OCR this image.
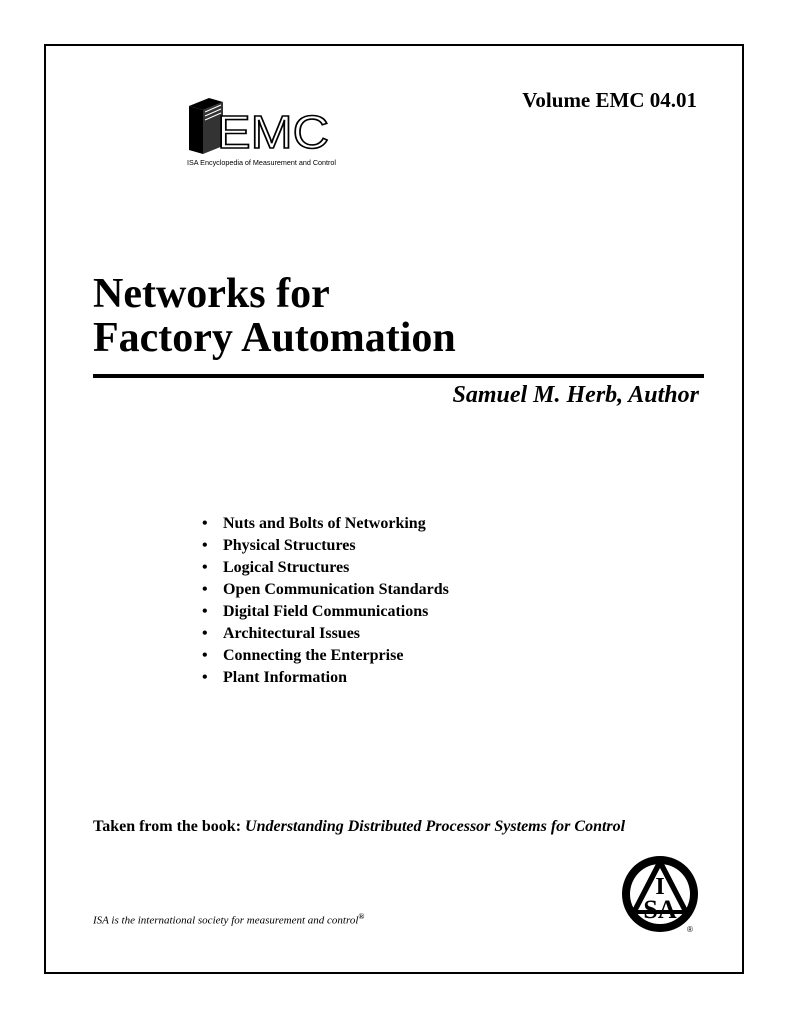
Volume EMC 04.01
EMC
ISA Encyclopedia of Measurement and Control
Networks for
Factory Automation
Samuel M. Herb, Author
• Nuts and Bolts of Networking
• Physical Structures
• Logical Structures
• Open Communication Standards
• Digital Field Communications
• Architectural Issues
• Connecting the Enterprise
• Plant Information
Taken from the book: Understanding Distributed Processor Systems for Control
ISA is the international society for measurement and control®
I
SA
®
